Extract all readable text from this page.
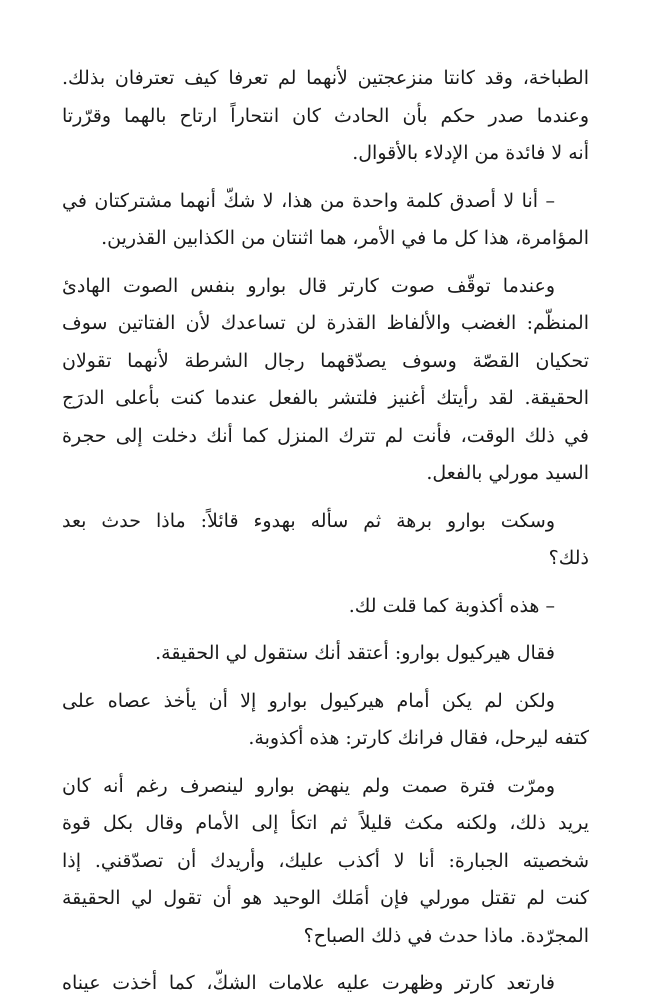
الطباخة، وقد كانتا منزعجتين لأنهما لم تعرفا كيف تعترفان بذلك.
وعندما صدر حكم بأن الحادث كان انتحاراً ارتاح بالهما وقرّرتا
أنه لا فائدة من الإدلاء بالأقوال.
– أنا لا أصدق كلمة واحدة من هذا، لا شكّ أنهما مشتركتان في
المؤامرة، هذا كل ما في الأمر، هما اثنتان من الكذابين القذرين.
وعندما توقّف صوت كارتر قال بوارو بنفس الصوت الهادئ
المنظّم: الغضب والألفاظ القذرة لن تساعدك لأن الفتاتين سوف
تحكيان القصّة وسوف يصدّقهما رجال الشرطة لأنهما تقولان
الحقيقة. لقد رأيتك أغنيز فلتشر بالفعل عندما كنت بأعلى الدرَج
في ذلك الوقت، فأنت لم تترك المنزل كما أنك دخلت إلى حجرة
السيد مورلي بالفعل.
وسكت بوارو برهة ثم سأله بهدوء قائلاً: ماذا حدث بعد
ذلك؟
– هذه أكذوبة كما قلت لك.
فقال هيركيول بوارو: أعتقد أنك ستقول لي الحقيقة.
ولكن لم يكن أمام هيركيول بوارو إلا أن يأخذ عصاه على
كتفه ليرحل، فقال فرانك كارتر: هذه أكذوبة.
ومرّت فترة صمت ولم ينهض بوارو لينصرف رغم أنه كان
يريد ذلك، ولكنه مكث قليلاً ثم اتكأ إلى الأمام وقال بكل قوة
شخصيته الجبارة: أنا لا أكذب عليك، وأريدك أن تصدّقني. إذا
كنت لم تقتل مورلي فإن أمَلك الوحيد هو أن تقول لي الحقيقة
المجرّدة. ماذا حدث في ذلك الصباح؟
فارتعد كارتر وظهرت عليه علامات الشكّ، كما أخذت عيناه
